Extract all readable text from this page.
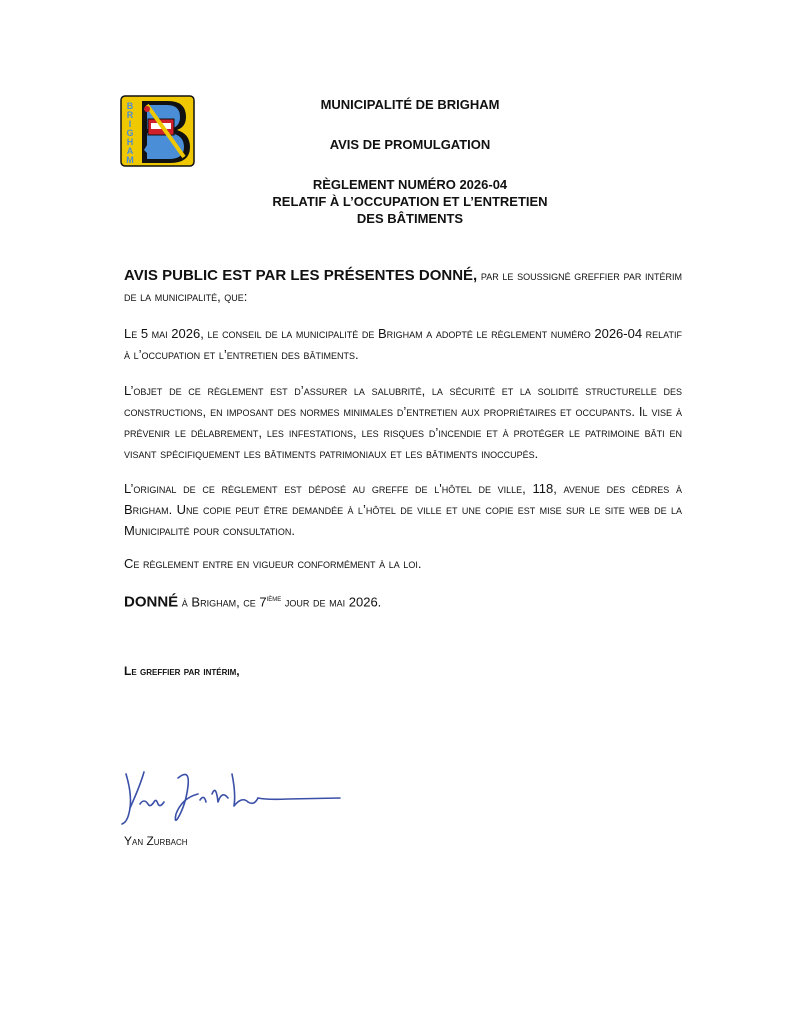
B
R
I
G
H
A
M
MUNICIPALITÉ DE BRIGHAM
AVIS DE PROMULGATION
RÈGLEMENT NUMÉRO 2026-04
RELATIF À L’OCCUPATION ET L’ENTRETIEN
DES BÂTIMENTS
AVIS PUBLIC EST PAR LES PRÉSENTES DONNÉ, par le soussigné greffier par intérim de la municipalité, que:
Le 5 mai 2026, le conseil de la municipalité de Brigham a adopté le règlement numéro 2026-04 relatif à l’occupation et l’entretien des bâtiments.
L’objet de ce règlement est d’assurer la salubrité, la sécurité et la solidité structurelle des constructions, en imposant des normes minimales d’entretien aux propriétaires et occupants. Il vise à prévenir le délabrement, les infestations, les risques d’incendie et à protéger le patrimoine bâti en visant spécifiquement les bâtiments patrimoniaux et les bâtiments inoccupés.
L’original de ce règlement est déposé au greffe de l'hôtel de ville, 118, avenue des cèdres à Brigham. Une copie peut être demandée à l’hôtel de ville et une copie est mise sur le site web de la Municipalité pour consultation.
Ce règlement entre en vigueur conformément à la loi.
DONNÉ à Brigham, ce 7ième jour de mai 2026.
Le greffier par intérim,
Yan Zurbach
